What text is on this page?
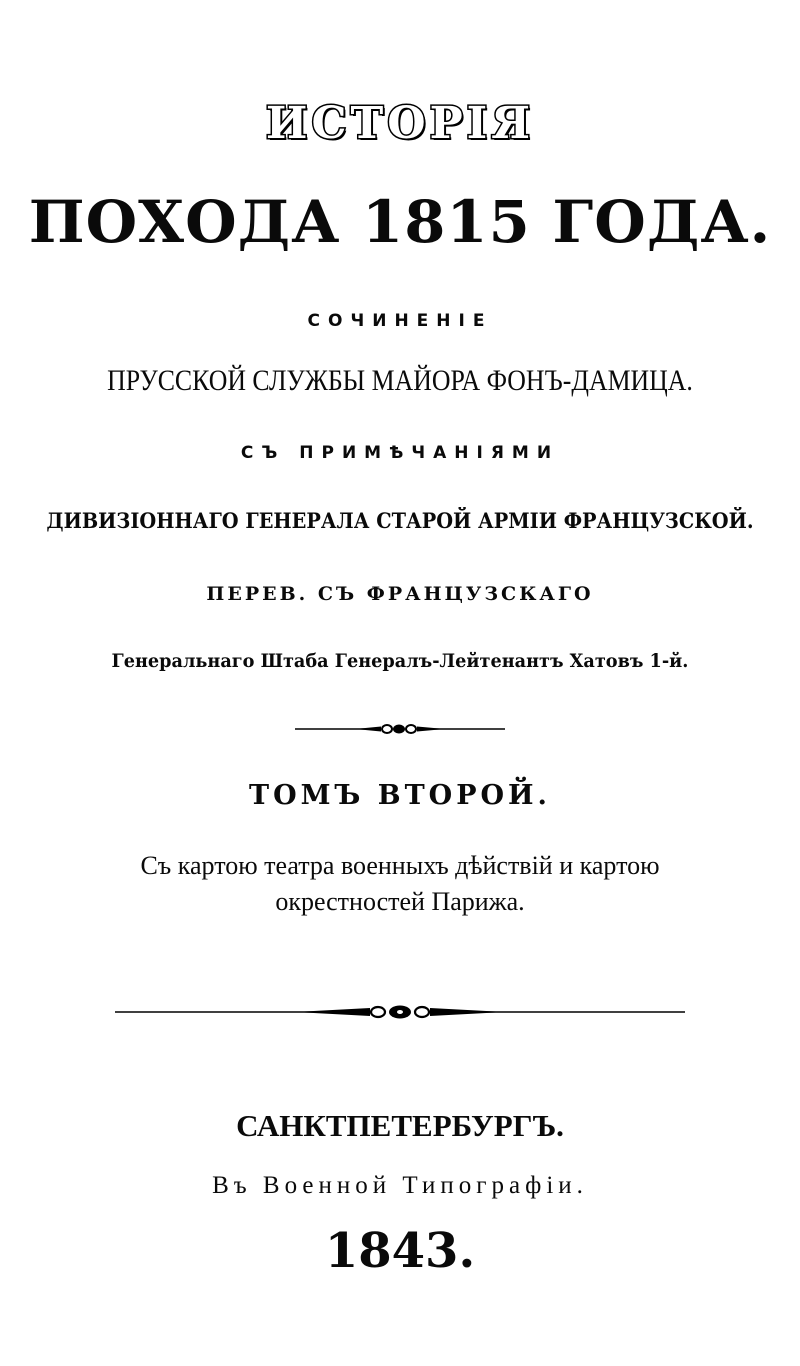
ИСТОРІЯ
ПОХОДА 1815 ГОДА.
СОЧИНЕНІЕ
ПРУССКОЙ СЛУЖБЫ МАЙОРА ФОНЪ-ДАМИЦА.
СЪ ПРИМѢЧАНІЯМИ
ДИВИЗІОННАГО ГЕНЕРАЛА СТАРОЙ АРМІИ ФРАНЦУЗСКОЙ.
ПЕРЕВ. СЪ ФРАНЦУЗСКАГО
Генеральнаго Штаба Генералъ-Лейтенантъ Хатовъ 1-й.
ТОМЪ ВТОРОЙ.
Съ картою театра военныхъ дѣйствій и картою
окрестностей Парижа.
САНКТПЕТЕРБУРГЪ.
Въ Военной Типографіи.
1843.
